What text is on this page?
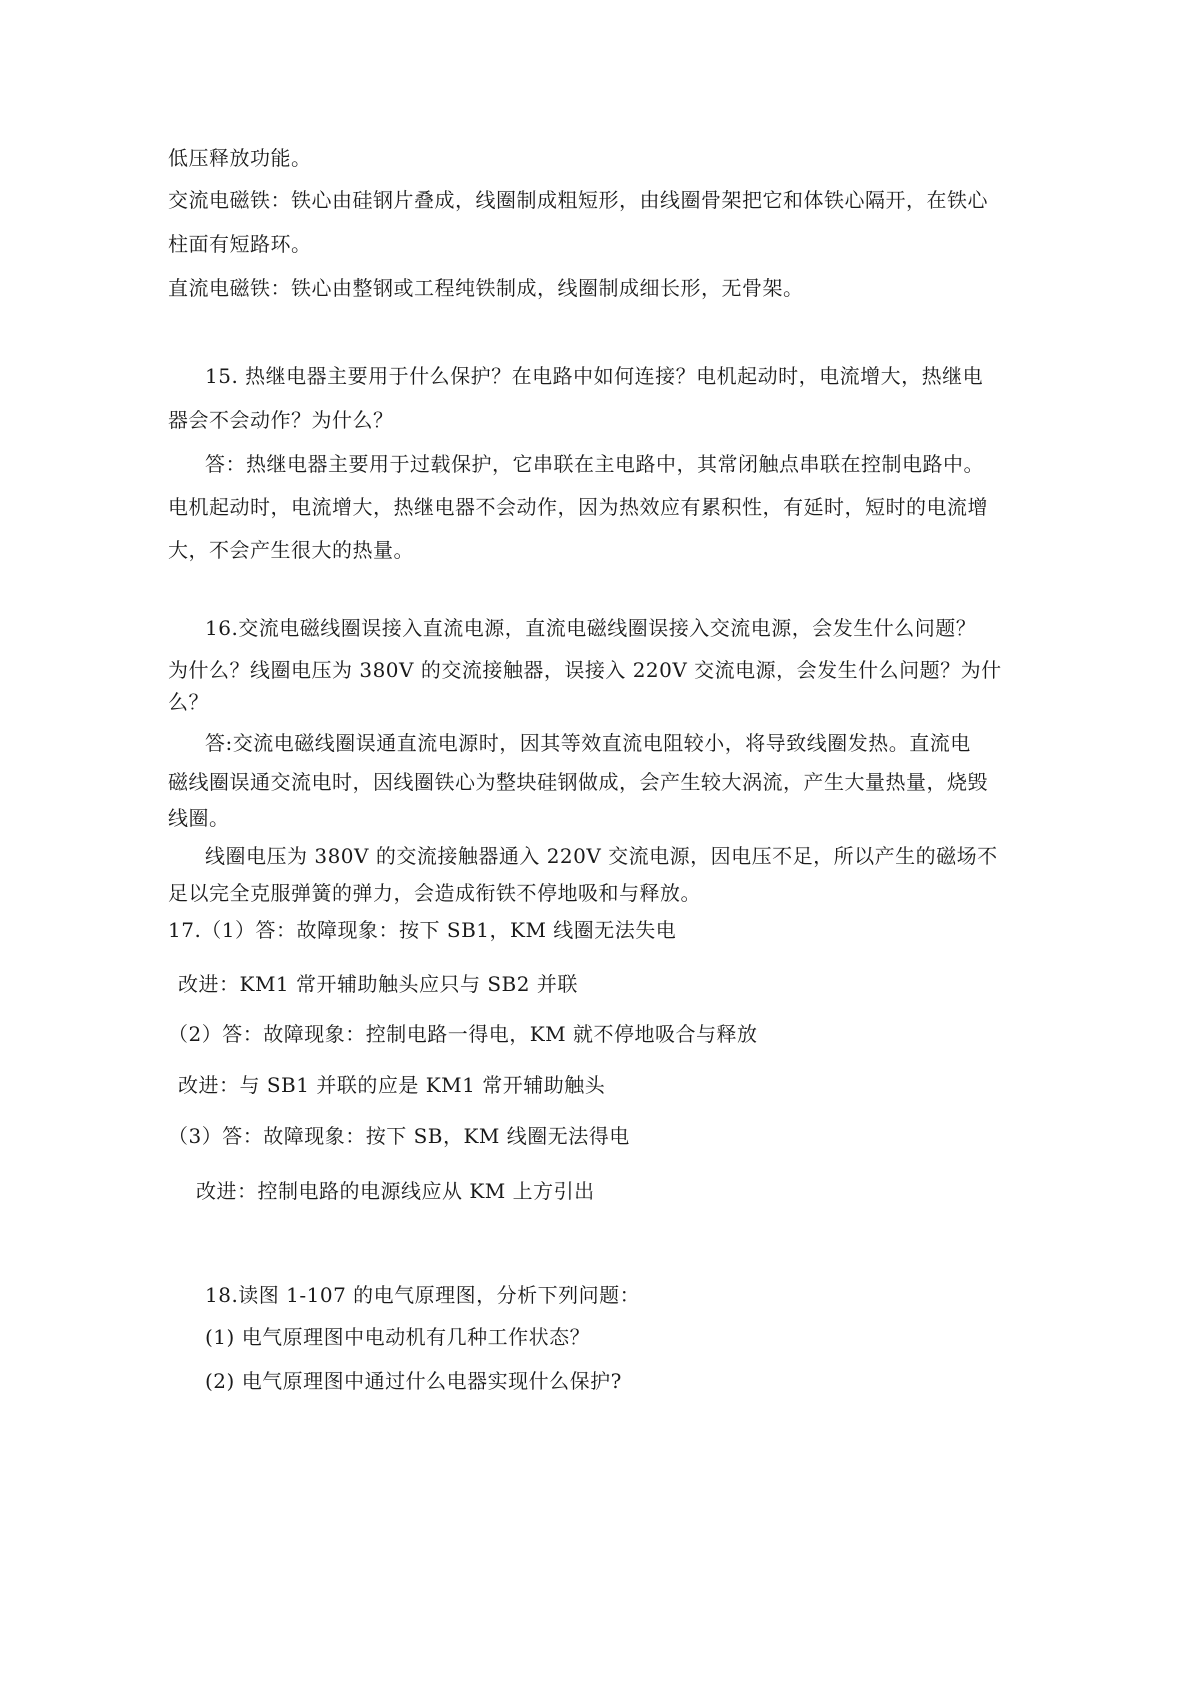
低压释放功能。
交流电磁铁：铁心由硅钢片叠成，线圈制成粗短形，由线圈骨架把它和体铁心隔开，在铁心
柱面有短路环。
直流电磁铁：铁心由整钢或工程纯铁制成，线圈制成细长形，无骨架。
15. 热继电器主要用于什么保护？在电路中如何连接？电机起动时，电流增大，热继电
器会不会动作？为什么？
答：热继电器主要用于过载保护，它串联在主电路中，其常闭触点串联在控制电路中。
电机起动时，电流增大，热继电器不会动作，因为热效应有累积性，有延时，短时的电流增
大，不会产生很大的热量。
16.交流电磁线圈误接入直流电源，直流电磁线圈误接入交流电源，会发生什么问题？
为什么？线圈电压为 380V 的交流接触器，误接入 220V 交流电源，会发生什么问题？为什
么？
答:交流电磁线圈误通直流电源时，因其等效直流电阻较小，将导致线圈发热。直流电
磁线圈误通交流电时，因线圈铁心为整块硅钢做成，会产生较大涡流，产生大量热量，烧毁
线圈。
线圈电压为 380V 的交流接触器通入 220V 交流电源，因电压不足，所以产生的磁场不
足以完全克服弹簧的弹力，会造成衔铁不停地吸和与释放。
17.（1）答：故障现象：按下 SB1，KM 线圈无法失电
改进：KM1 常开辅助触头应只与 SB2 并联
（2）答：故障现象：控制电路一得电，KM 就不停地吸合与释放
改进：与 SB1 并联的应是 KM1 常开辅助触头
（3）答：故障现象：按下 SB，KM 线圈无法得电
改进：控制电路的电源线应从 KM 上方引出
18.读图 1-107 的电气原理图，分析下列问题：
(1) 电气原理图中电动机有几种工作状态？
(2) 电气原理图中通过什么电器实现什么保护?
